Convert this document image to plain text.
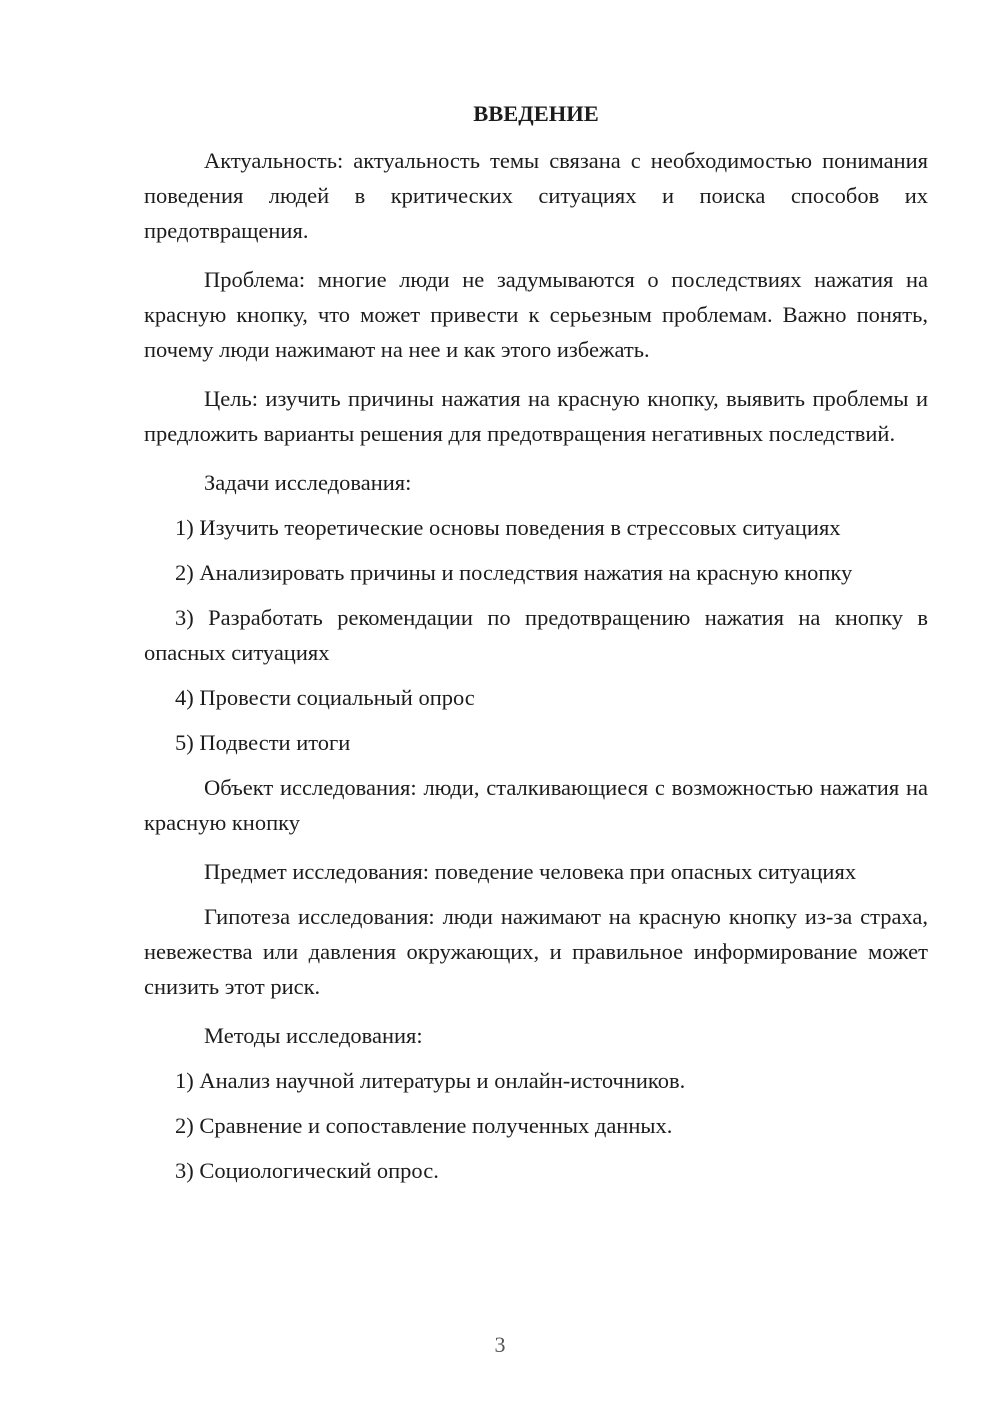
ВВЕДЕНИЕ

Актуальность: актуальность темы связана с необходимостью понимания поведения людей в критических ситуациях и поиска способов их предотвращения.

Проблема: многие люди не задумываются о последствиях нажатия на красную кнопку, что может привести к серьезным проблемам. Важно понять, почему люди нажимают на нее и как этого избежать.

Цель: изучить причины нажатия на красную кнопку, выявить проблемы и предложить варианты решения для предотвращения негативных последствий.

Задачи исследования:

1) Изучить теоретические основы поведения в стрессовых ситуациях

2) Анализировать причины и последствия нажатия на красную кнопку

3) Разработать рекомендации по предотвращению нажатия на кнопку в опасных ситуациях

4) Провести социальный опрос

5) Подвести итоги

Объект исследования: люди, сталкивающиеся с возможностью нажатия на красную кнопку

Предмет исследования: поведение человека при опасных ситуациях

Гипотеза исследования: люди нажимают на красную кнопку из-за страха, невежества или давления окружающих, и правильное информирование может снизить этот риск.

Методы исследования:

1) Анализ научной литературы и онлайн-источников.

2) Сравнение и сопоставление полученных данных.

3) Социологический опрос.

3
